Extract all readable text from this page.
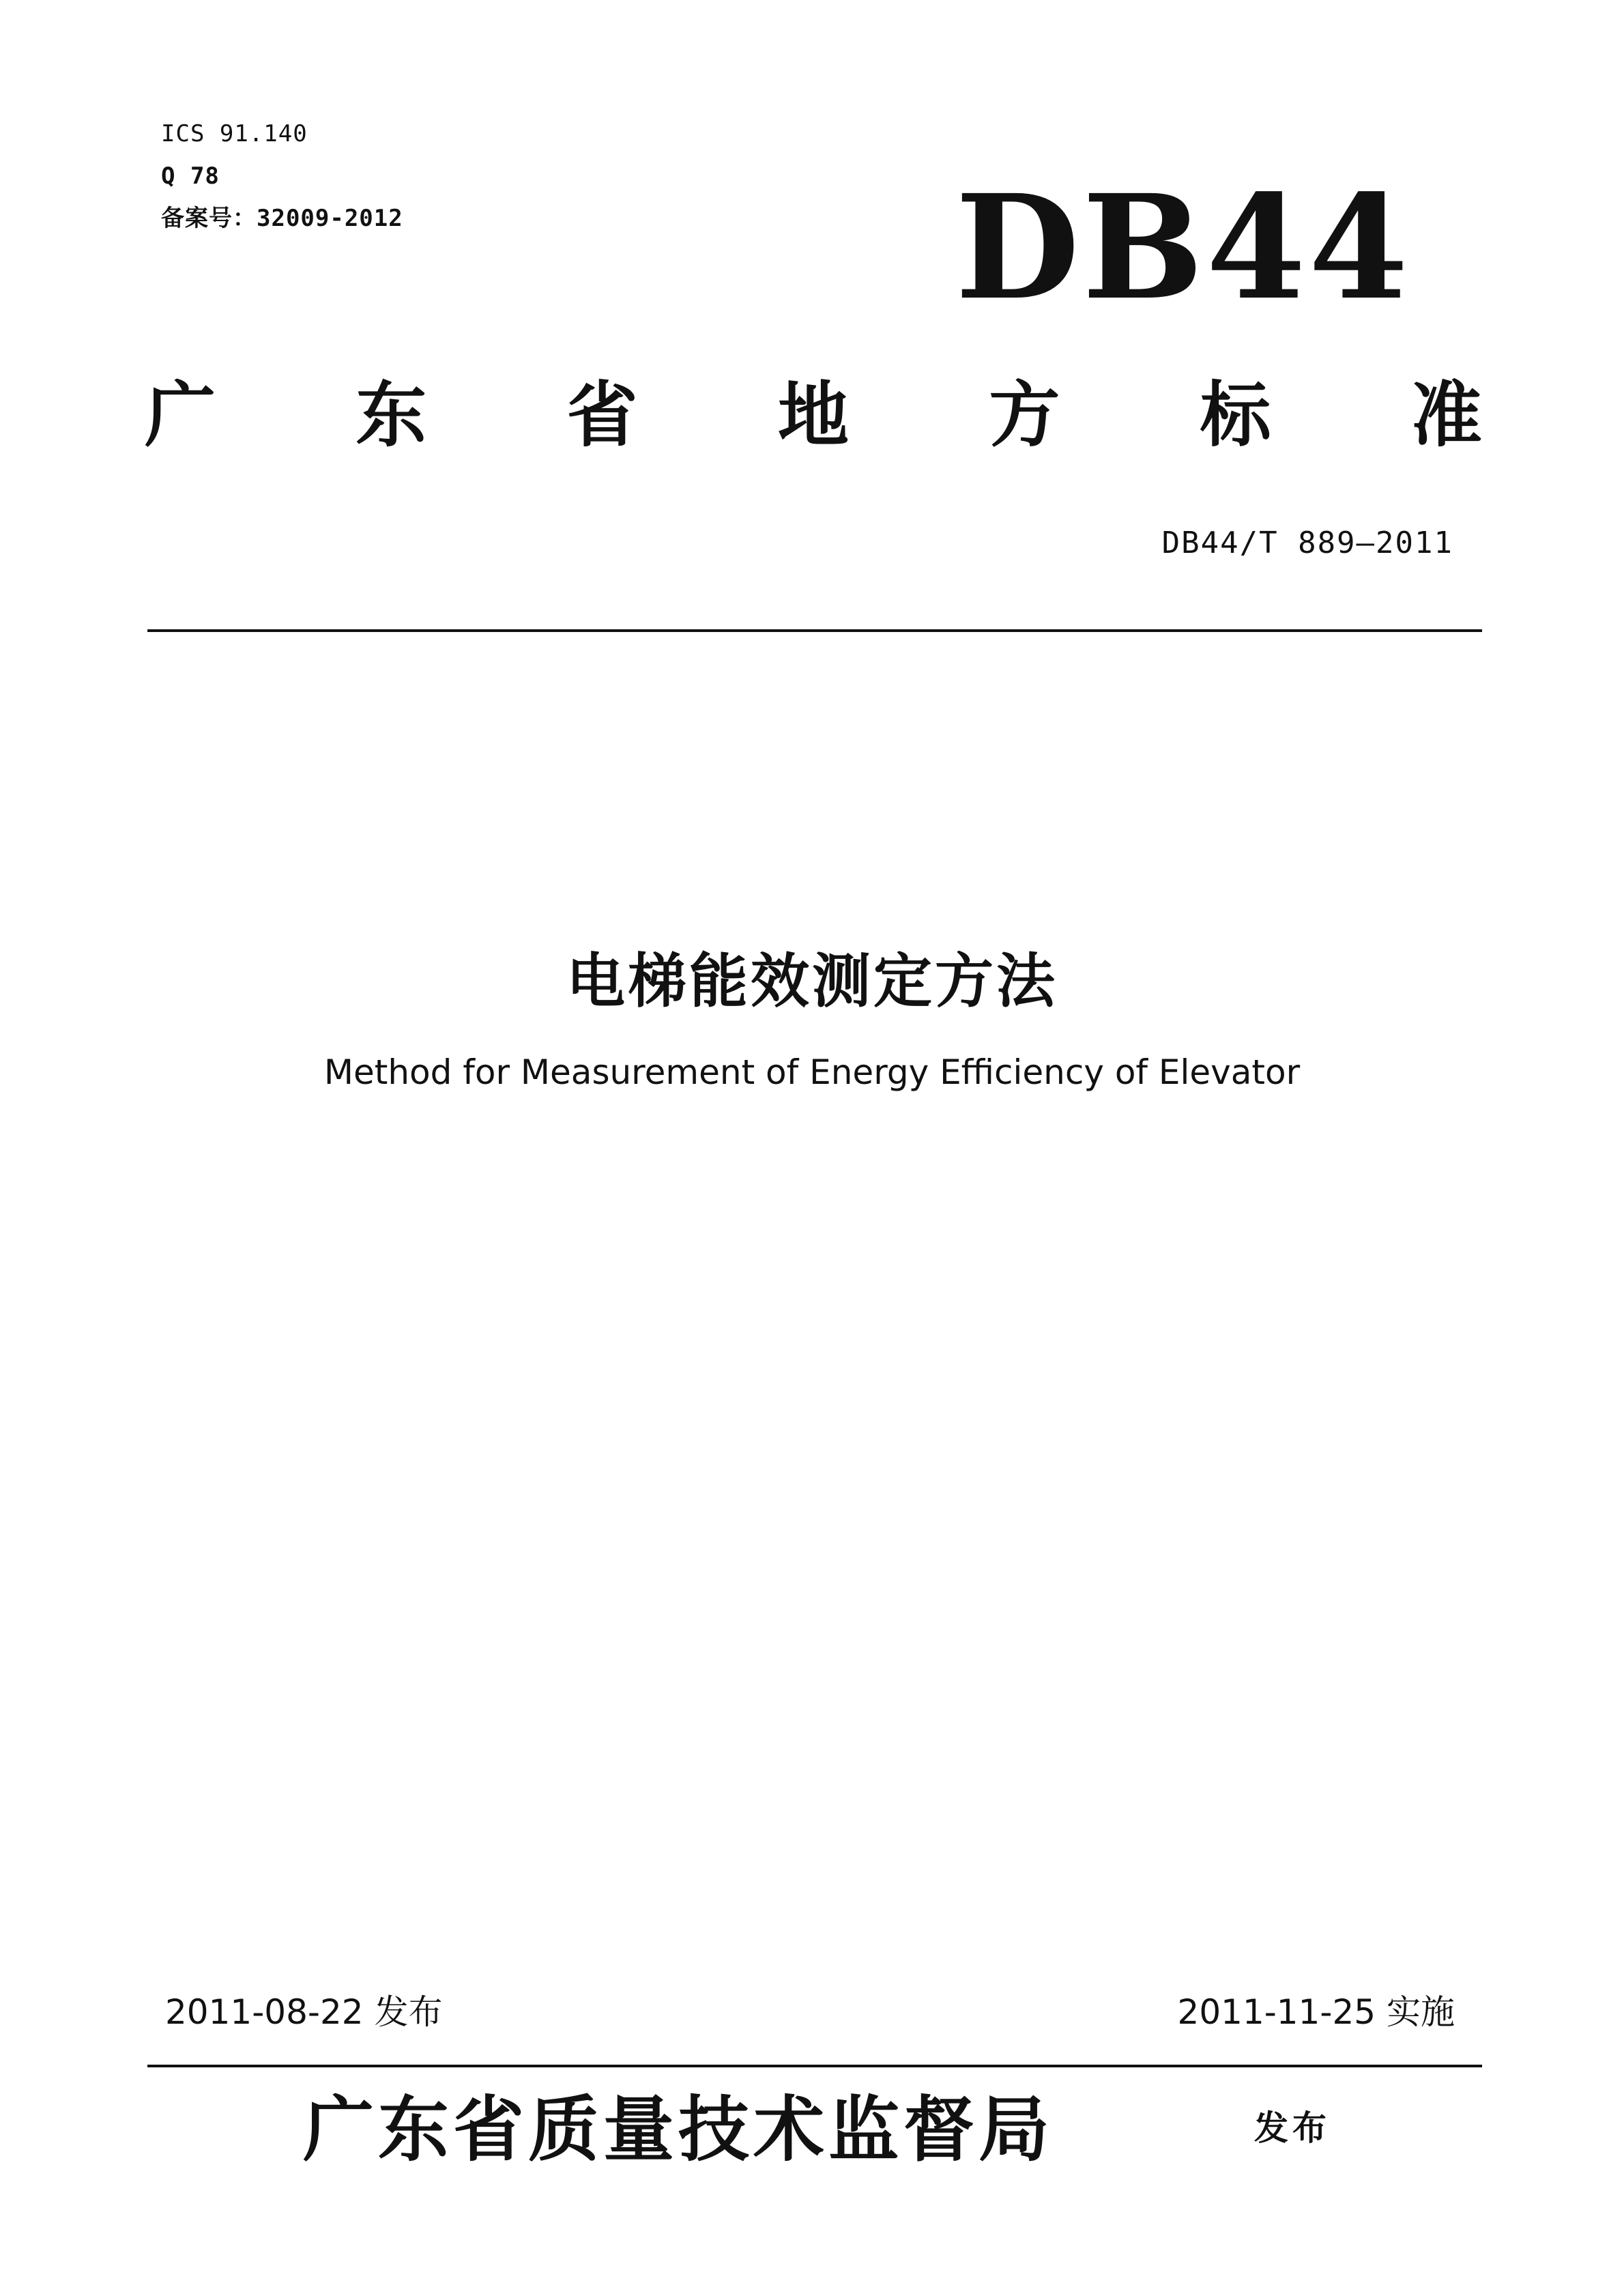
ICS 91.140
Q 78
备案号：32009-2012	DB44
广 东 省 地 方 标 准
DB44/T 889—2011
电梯能效测定方法
Method for Measurement of Energy Efficiency of Elevator
2011-08-22 发布	2011-11-25 实施
广东省质量技术监督局	发布
